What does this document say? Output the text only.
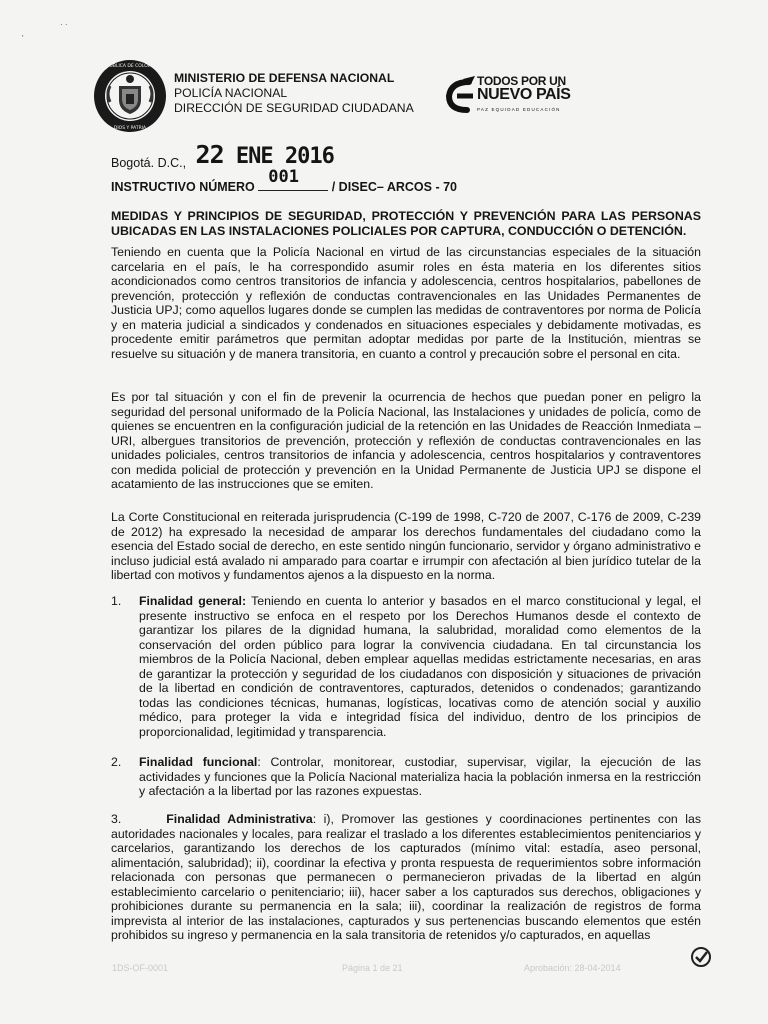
· ·
'
REPUBLICA DE COLOMBIA
DIOS Y PATRIA
MINISTERIO DE DEFENSA NACIONAL
POLICÍA NACIONAL
DIRECCIÓN DE SEGURIDAD CIUDADANA
TODOS POR UN
NUEVO PAÍS
PAZ EQUIDAD EDUCACIÓN
Bogotá. D.C., 22 ENE 2016
INSTRUCTIVO NÚMERO 001	/ DISEC– ARCOS - 70
MEDIDAS Y PRINCIPIOS DE SEGURIDAD, PROTECCIÓN Y PREVENCIÓN PARA LAS PERSONAS UBICADAS EN LAS INSTALACIONES POLICIALES POR CAPTURA, CONDUCCIÓN O DETENCIÓN.
Teniendo en cuenta que la Policía Nacional en virtud de las circunstancias especiales de la situación carcelaria en el país, le ha correspondido asumir roles en ésta materia en los diferentes sitios acondicionados como centros transitorios de infancia y adolescencia, centros hospitalarios, pabellones de prevención, protección y reflexión de conductas contravencionales en las Unidades Permanentes de Justicia UPJ; como aquellos lugares donde se cumplen las medidas de contraventores por norma de Policía y en materia judicial a sindicados y condenados en situaciones especiales y debidamente motivadas, es procedente emitir parámetros que permitan adoptar medidas por parte de la Institución, mientras se resuelve su situación y de manera transitoria, en cuanto a control y precaución sobre el personal en cita.
Es por tal situación y con el fin de prevenir la ocurrencia de hechos que puedan poner en peligro la seguridad del personal uniformado de la Policía Nacional, las Instalaciones y unidades de policía, como de quienes se encuentren en la configuración judicial de la retención en las Unidades de Reacción Inmediata – URI, albergues transitorios de prevención, protección y reflexión de conductas contravencionales en las unidades policiales, centros transitorios de infancia y adolescencia, centros hospitalarios y contraventores con medida policial de protección y prevención en la Unidad Permanente de Justicia UPJ se dispone el acatamiento de las instrucciones que se emiten.
La Corte Constitucional en reiterada jurisprudencia (C-199 de 1998, C-720 de 2007, C-176 de 2009, C-239 de 2012) ha expresado la necesidad de amparar los derechos fundamentales del ciudadano como la esencia del Estado social de derecho, en este sentido ningún funcionario, servidor y órgano administrativo e incluso judicial está avalado ni amparado para coartar e irrumpir con afectación al bien jurídico tutelar de la libertad con motivos y fundamentos ajenos a la dispuesto en la norma.
1. Finalidad general: Teniendo en cuenta lo anterior y basados en el marco constitucional y legal, el presente instructivo se enfoca en el respeto por los Derechos Humanos desde el contexto de garantizar los pilares de la dignidad humana, la salubridad, moralidad como elementos de la conservación del orden público para lograr la convivencia ciudadana. En tal circunstancia los miembros de la Policía Nacional, deben emplear aquellas medidas estrictamente necesarias, en aras de garantizar la protección y seguridad de los ciudadanos con disposición y situaciones de privación de la libertad en condición de contraventores, capturados, detenidos o condenados; garantizando todas las condiciones técnicas, humanas, logísticas, locativas como de atención social y auxilio médico, para proteger la vida e integridad física del individuo, dentro de los principios de proporcionalidad, legitimidad y transparencia.
2. Finalidad funcional: Controlar, monitorear, custodiar, supervisar, vigilar, la ejecución de las actividades y funciones que la Policía Nacional materializa hacia la población inmersa en la restricción y afectación a la libertad por las razones expuestas.
3.	Finalidad Administrativa: i), Promover las gestiones y coordinaciones pertinentes con las autoridades nacionales y locales, para realizar el traslado a los diferentes establecimientos penitenciarios y carcelarios, garantizando los derechos de los capturados (mínimo vital: estadía, aseo personal, alimentación, salubridad); ii), coordinar la efectiva y pronta respuesta de requerimientos sobre información relacionada con personas que permanecen o permanecieron privadas de la libertad en algún establecimiento carcelario o penitenciario; iii), hacer saber a los capturados sus derechos, obligaciones y prohibiciones durante su permanencia en la sala; iii), coordinar la realización de registros de forma imprevista al interior de las instalaciones, capturados y sus pertenencias buscando elementos que estén prohibidos su ingreso y permanencia en la sala transitoria de retenidos y/o capturados, en aquellas
1DS-OF-0001	Página 1 de 21	Aprobación: 28-04-2014
